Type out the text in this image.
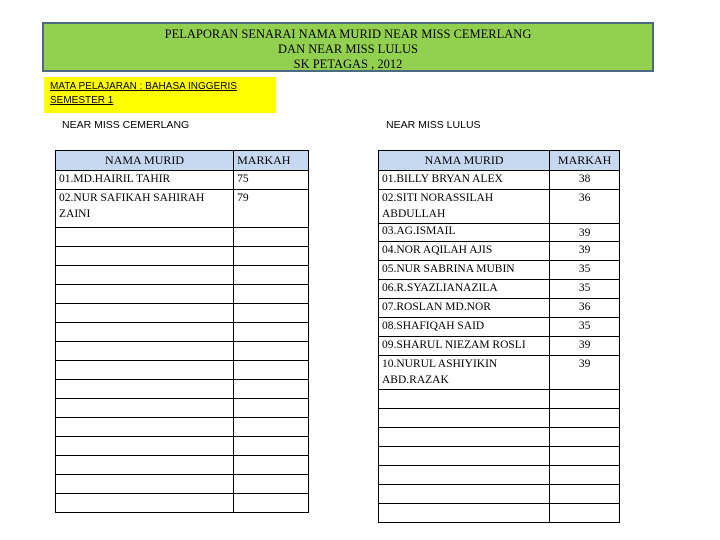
PELAPORAN SENARAI NAMA MURID NEAR MISS CEMERLANG
DAN NEAR MISS LULUS
SK PETAGAS , 2012
MATA PELAJARAN : BAHASA INGGERIS
SEMESTER 1
NEAR MISS CEMERLANG	NEAR MISS LULUS
NAMA MURID	MARKAH
01.MD.HAIRIL TAHIR	75
02.NUR SAFIKAH SAHIRAH ZAINI	79

NAMA MURID	MARKAH
01.BILLY BRYAN ALEX	38
02.SITI NORASSILAH ABDULLAH	36
03.AG.ISMAIL	39
04.NOR AQILAH AJIS	39
05.NUR SABRINA MUBIN	35
06.R.SYAZLIANAZILA	35
07.ROSLAN MD.NOR	36
08.SHAFIQAH SAID	35
09.SHARUL NIEZAM ROSLI	39
10.NURUL ASHIYIKIN ABD.RAZAK	39
